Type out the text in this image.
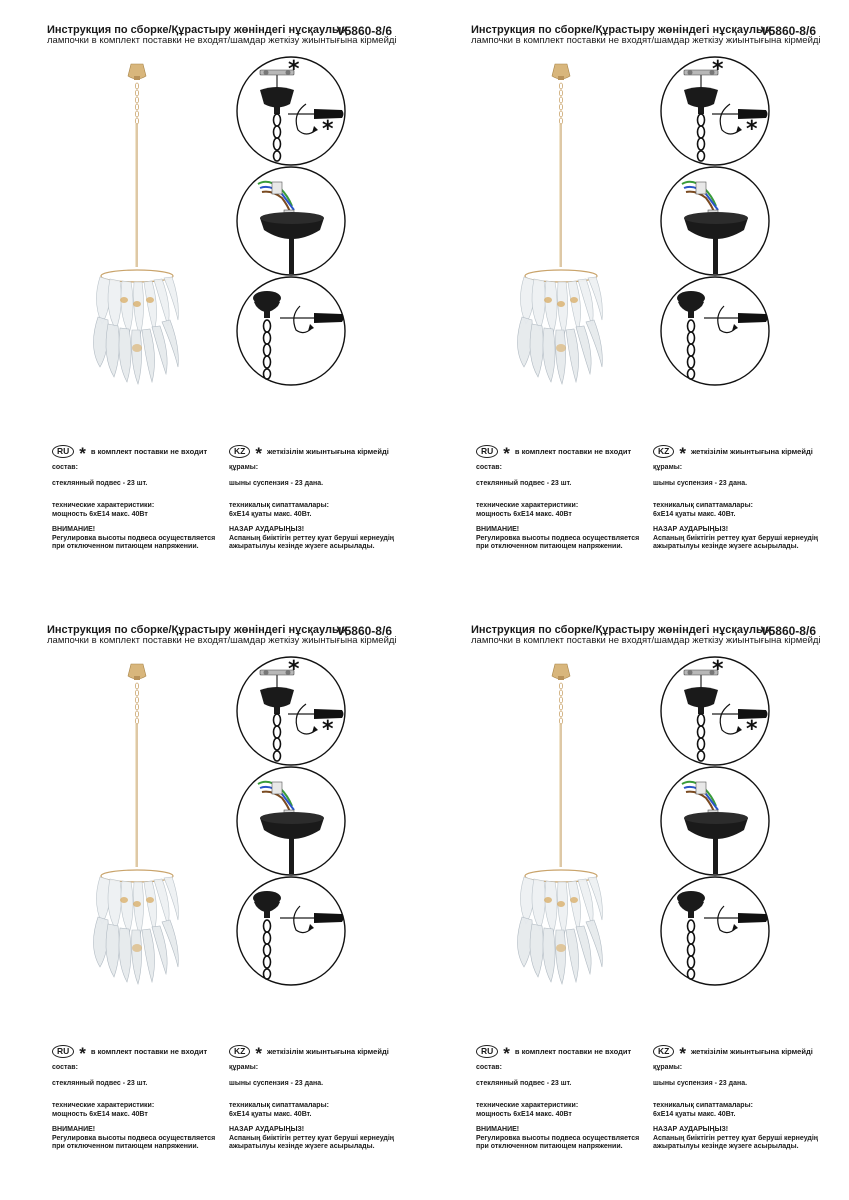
Инструкция по сборке/Құрастыру жөніндегі нұсқаулық
V5860-8/6
лампочки в комплект поставки не входят/шамдар жеткізу жиынтығына кірмейді
RU * в комплект поставки не входит	KZ * жеткізілім жиынтығына кірмейді
состав:
стеклянный подвес - 23 шт.
технические характеристики:
мощность 6хЕ14 макс. 40Вт
ВНИМАНИЕ!
Регулировка высоты подвеса осуществляется
при отключенном питающем напряжении.
құрамы:
шыны суспензия - 23 дана.
техникалық сипаттамалары:
6хЕ14 қуаты макс. 40Вт.
НАЗАР АУДАРЫҢЫЗ!
Аспаның биіктігін реттеу қуат беруші кернеудің
ажыратылуы кезінде жүзеге асырылады.
Инструкция по сборке/Құрастыру жөніндегі нұсқаулық
V5860-8/6
лампочки в комплект поставки не входят/шамдар жеткізу жиынтығына кірмейді
RU * в комплект поставки не входит	KZ * жеткізілім жиынтығына кірмейді
состав:
стеклянный подвес - 23 шт.
технические характеристики:
мощность 6хЕ14 макс. 40Вт
ВНИМАНИЕ!
Регулировка высоты подвеса осуществляется
при отключенном питающем напряжении.
құрамы:
шыны суспензия - 23 дана.
техникалық сипаттамалары:
6хЕ14 қуаты макс. 40Вт.
НАЗАР АУДАРЫҢЫЗ!
Аспаның биіктігін реттеу қуат беруші кернеудің
ажыратылуы кезінде жүзеге асырылады.
Инструкция по сборке/Құрастыру жөніндегі нұсқаулық
V5860-8/6
лампочки в комплект поставки не входят/шамдар жеткізу жиынтығына кірмейді
RU * в комплект поставки не входит	KZ * жеткізілім жиынтығына кірмейді
состав:
стеклянный подвес - 23 шт.
технические характеристики:
мощность 6хЕ14 макс. 40Вт
ВНИМАНИЕ!
Регулировка высоты подвеса осуществляется
при отключенном питающем напряжении.
құрамы:
шыны суспензия - 23 дана.
техникалық сипаттамалары:
6хЕ14 қуаты макс. 40Вт.
НАЗАР АУДАРЫҢЫЗ!
Аспаның биіктігін реттеу қуат беруші кернеудің
ажыратылуы кезінде жүзеге асырылады.
Инструкция по сборке/Құрастыру жөніндегі нұсқаулық
V5860-8/6
лампочки в комплект поставки не входят/шамдар жеткізу жиынтығына кірмейді
RU * в комплект поставки не входит	KZ * жеткізілім жиынтығына кірмейді
состав:
стеклянный подвес - 23 шт.
технические характеристики:
мощность 6хЕ14 макс. 40Вт
ВНИМАНИЕ!
Регулировка высоты подвеса осуществляется
при отключенном питающем напряжении.
құрамы:
шыны суспензия - 23 дана.
техникалық сипаттамалары:
6хЕ14 қуаты макс. 40Вт.
НАЗАР АУДАРЫҢЫЗ!
Аспаның биіктігін реттеу қуат беруші кернеудің
ажыратылуы кезінде жүзеге асырылады.
